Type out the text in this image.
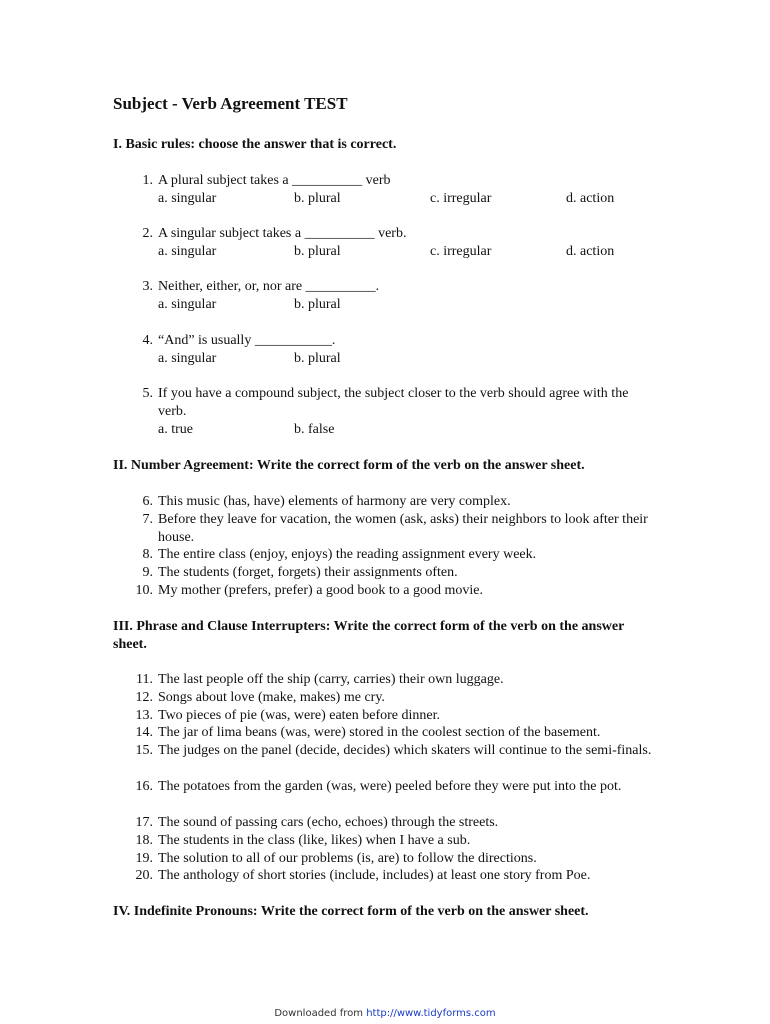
Subject - Verb Agreement TEST
I. Basic rules: choose the answer that is correct.
1. A plural subject takes a __________ verb
a. singular	b. plural	c. irregular	d. action
2. A singular subject takes a __________ verb.
a. singular	b. plural	c. irregular	d. action
3. Neither, either, or, nor are __________.
a. singular	b. plural
4. “And” is usually ___________.
a. singular	b. plural
5. If you have a compound subject, the subject closer to the verb should agree with the verb.
a. true	b. false
II. Number Agreement: Write the correct form of the verb on the answer sheet.
6. This music (has, have) elements of harmony are very complex.
7. Before they leave for vacation, the women (ask, asks) their neighbors to look after their house.
8. The entire class (enjoy, enjoys) the reading assignment every week.
9. The students (forget, forgets) their assignments often.
10. My mother (prefers, prefer) a good book to a good movie.
III. Phrase and Clause Interrupters: Write the correct form of the verb on the answer sheet.
11. The last people off the ship (carry, carries) their own luggage.
12. Songs about love (make, makes) me cry.
13. Two pieces of pie (was, were) eaten before dinner.
14. The jar of lima beans (was, were) stored in the coolest section of the basement.
15. The judges on the panel (decide, decides) which skaters will continue to the semi-finals.
16. The potatoes from the garden (was, were) peeled before they were put into the pot.
17. The sound of passing cars (echo, echoes) through the streets.
18. The students in the class (like, likes) when I have a sub.
19. The solution to all of our problems (is, are) to follow the directions.
20. The anthology of short stories (include, includes) at least one story from Poe.
IV. Indefinite Pronouns: Write the correct form of the verb on the answer sheet.
Downloaded from http://www.tidyforms.com
